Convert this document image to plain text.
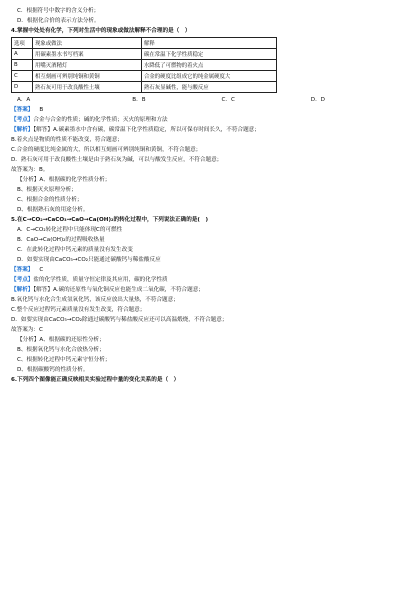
C．根据符号中数字的含义分析；
D．根据化合价的表示方法分析。
4.掌握中处处有化学，下列对生活中的现象或做法解释不合理的是（　）
选项	现象或做法	解释
A	用碳素墨水书写档案	碳在常温下化学性质稳定
B	用嘴灭酒精灯	水降低了可燃物的着火点
C	相互刻画可辨别纯铜和黄铜	合金的硬度比组成它的纯金属硬度大
D	熟石灰可用于改良酸性土壤	熟石灰显碱性，能与酸反应
A．A	B．B	C．C	D．D
【答案】 B
【考点】合金与合金的性质；碱的化学性质；灭火的原理和方法
【解析】【解答】A.碳素墨水中含有碳，碳常温下化学性质稳定，所以可保存时间长久，不符合题意；
B.着火点是物质的性质不能改变，符合题意；
C.合金的硬度比纯金属的大，所以相互刻画可辨别纯铜和黄铜，不符合题意；
D．熟石灰可用于改良酸性土壤是由于熟石灰为碱，可以与酸发生反应，不符合题意；
故答案为：B。
【分析】A、根据碳的化学性质分析；
B、根据灭火原理分析；
C、根据合金的性质分析；
D、根据熟石灰的用途分析。
5.在C→CO₂→CaCO₃→CaO→Ca(OH)₂的转化过程中，下列说法正确的是(　)
A．C→CO₂转化过程中只能体现C的可燃性
B．CaO→Ca(OH)₂的过程吸收热量
C．在此转化过程中钙元素的质量没有发生改变
D．如要实现由CaCO₃→CO₂只能通过碳酸钙与稀盐酸反应
【答案】 C
【考点】盐的化学性质，质量守恒定律及其应用，碳的化学性质
【解析】【解答】A.碳的还原性与氧化铜反应也能生成二氧化碳，不符合题意；
B.氧化钙与水化合生成氢氧化钙，该反应放出大量热，不符合题意；
C.整个反应过程钙元素质量没有发生改变，符合题意；
D．如要实现由CaCO₃→CO₂除通过碳酸钙与稀盐酸反应还可以高温煅烧，不符合题意；
故答案为：C
【分析】A、根据碳的还原性分析；
B、根据氧化钙与水化合放热分析；
C、根据转化过程中钙元素守恒分析；
D、根据碳酸钙的性质分析。
6.下列四个图像能正确反映相关实验过程中量的变化关系的是（　）
